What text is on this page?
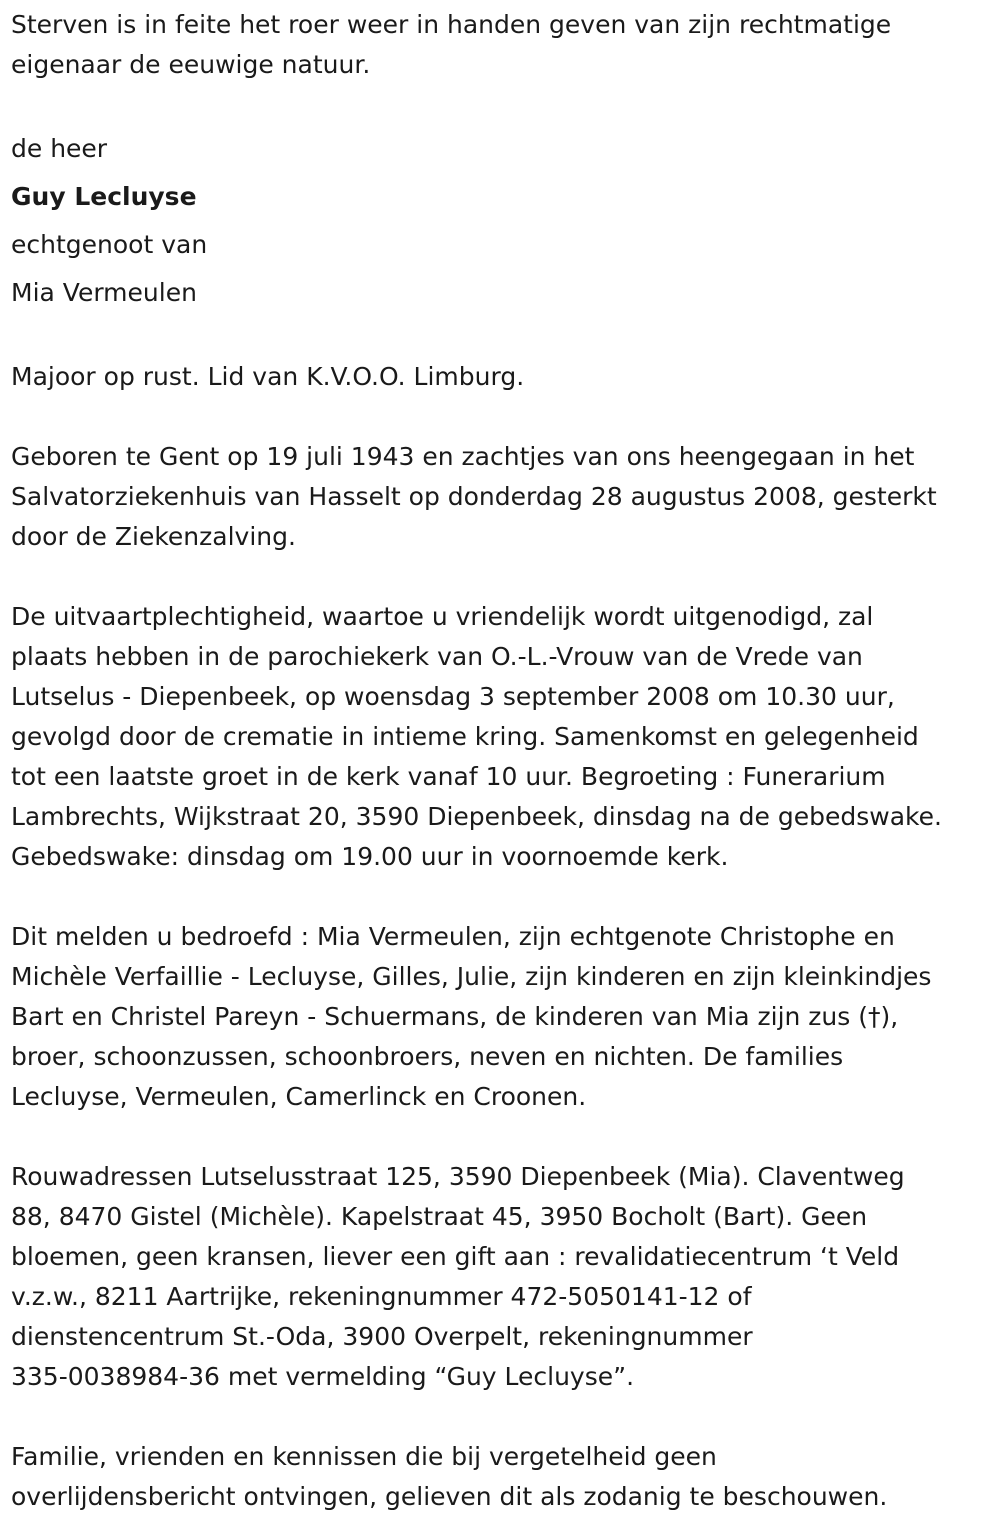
Sterven is in feite het roer weer in handen geven van zijn rechtmatige

eigenaar de eeuwige natuur.

de heer

Guy Lecluyse

echtgenoot van

Mia Vermeulen

Majoor op rust. Lid van K.V.O.O. Limburg.

Geboren te Gent op 19 juli 1943 en zachtjes van ons heengegaan in het

Salvatorziekenhuis van Hasselt op donderdag 28 augustus 2008, gesterkt

door de Ziekenzalving.

De uitvaartplechtigheid, waartoe u vriendelijk wordt uitgenodigd, zal

plaats hebben in de parochiekerk van O.-L.-Vrouw van de Vrede van

Lutselus - Diepenbeek, op woensdag 3 september 2008 om 10.30 uur,

gevolgd door de crematie in intieme kring. Samenkomst en gelegenheid

tot een laatste groet in de kerk vanaf 10 uur. Begroeting : Funerarium

Lambrechts, Wijkstraat 20, 3590 Diepenbeek, dinsdag na de gebedswake.

Gebedswake: dinsdag om 19.00 uur in voornoemde kerk.

Dit melden u bedroefd : Mia Vermeulen, zijn echtgenote Christophe en

Michèle Verfaillie - Lecluyse, Gilles, Julie, zijn kinderen en zijn kleinkindjes

Bart en Christel Pareyn - Schuermans, de kinderen van Mia zijn zus (†),

broer, schoonzussen, schoonbroers, neven en nichten. De families

Lecluyse, Vermeulen, Camerlinck en Croonen.

Rouwadressen Lutselusstraat 125, 3590 Diepenbeek (Mia). Claventweg

88, 8470 Gistel (Michèle). Kapelstraat 45, 3950 Bocholt (Bart). Geen

bloemen, geen kransen, liever een gift aan : revalidatiecentrum ‘t Veld

v.z.w., 8211 Aartrijke, rekeningnummer 472-5050141-12 of

dienstencentrum St.-Oda, 3900 Overpelt, rekeningnummer

335-0038984-36 met vermelding “Guy Lecluyse”.

Familie, vrienden en kennissen die bij vergetelheid geen

overlijdensbericht ontvingen, gelieven dit als zodanig te beschouwen.
